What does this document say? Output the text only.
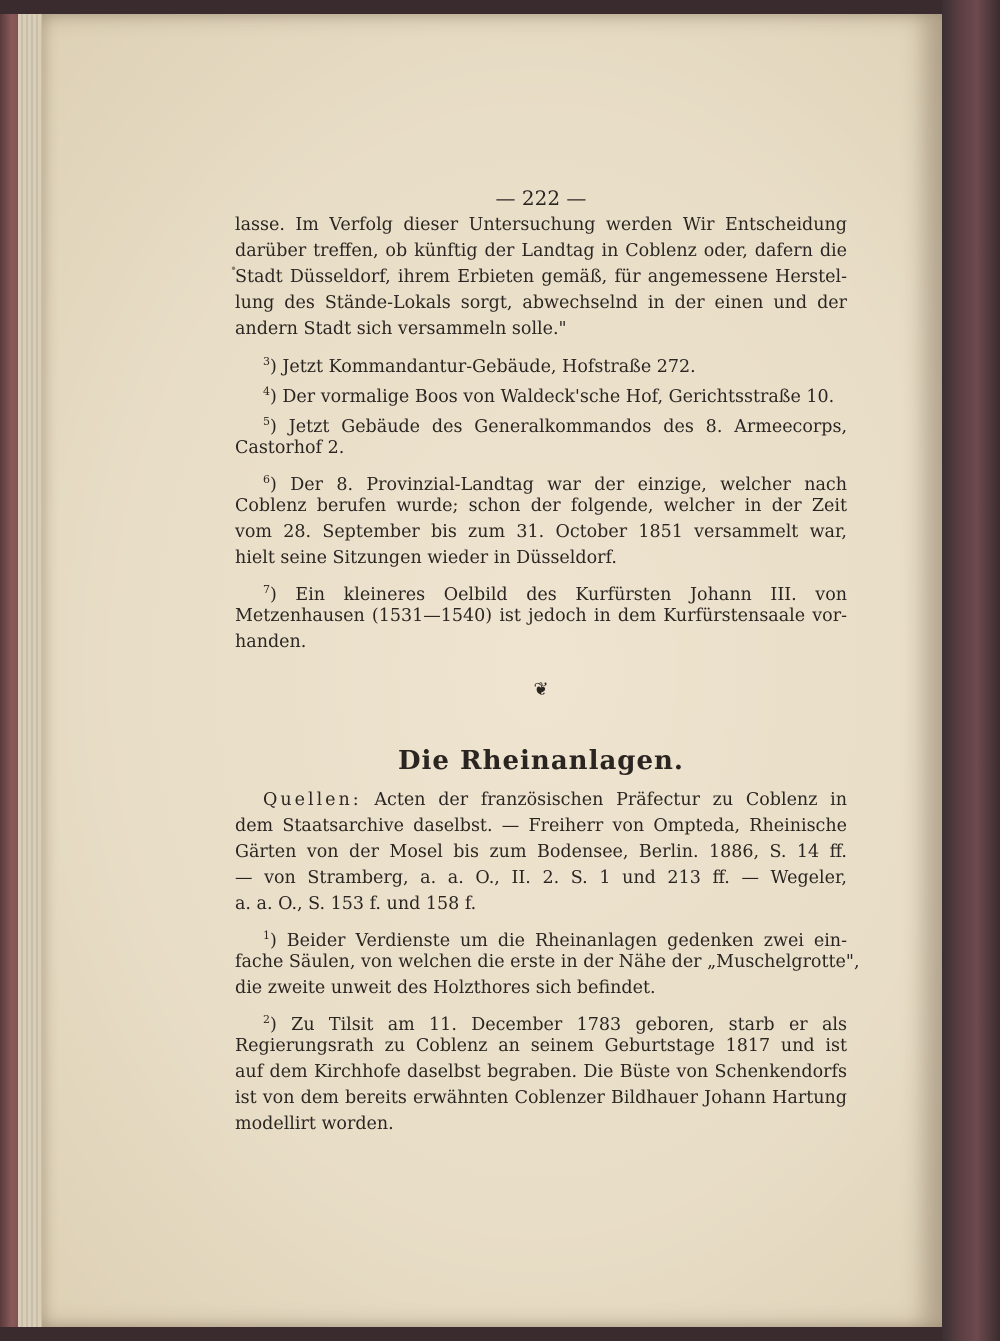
•
— 222 —
lasse. Im Verfolg dieser Untersuchung werden Wir Entscheidung
darüber treffen, ob künftig der Landtag in Coblenz oder, dafern die
Stadt Düsseldorf, ihrem Erbieten gemäß, für angemessene Herstel-
lung des Stände-Lokals sorgt, abwechselnd in der einen und der
andern Stadt sich versammeln solle."
$^3$) Jetzt Kommandantur-Gebäude, Hofstraße 272.
$^4$) Der vormalige Boos von Waldeck'sche Hof, Gerichtsstraße 10.
$^5$) Jetzt Gebäude des Generalkommandos des 8. Armeecorps,
Castorhof 2.
$^6$) Der 8. Provinzial-Landtag war der einzige, welcher nach
Coblenz berufen wurde; schon der folgende, welcher in der Zeit
vom 28. September bis zum 31. October 1851 versammelt war,
hielt seine Sitzungen wieder in Düsseldorf.
$^7$) Ein kleineres Oelbild des Kurfürsten Johann III. von
Metzenhausen (1531—1540) ist jedoch in dem Kurfürstensaale vor-
handen.
❦
Die Rheinanlagen.
Quellen: Acten der französischen Präfectur zu Coblenz in
dem Staatsarchive daselbst. — Freiherr von Ompteda, Rheinische
Gärten von der Mosel bis zum Bodensee, Berlin. 1886, S. 14 ff.
— von Stramberg, a. a. O., II. 2. S. 1 und 213 ff. — Wegeler,
a. a. O., S. 153 f. und 158 f.
$^1$) Beider Verdienste um die Rheinanlagen gedenken zwei ein-
fache Säulen, von welchen die erste in der Nähe der „Muschelgrotte",
die zweite unweit des Holzthores sich befindet.
$^2$) Zu Tilsit am 11. December 1783 geboren, starb er als
Regierungsrath zu Coblenz an seinem Geburtstage 1817 und ist
auf dem Kirchhofe daselbst begraben. Die Büste von Schenkendorfs
ist von dem bereits erwähnten Coblenzer Bildhauer Johann Hartung
modellirt worden.
